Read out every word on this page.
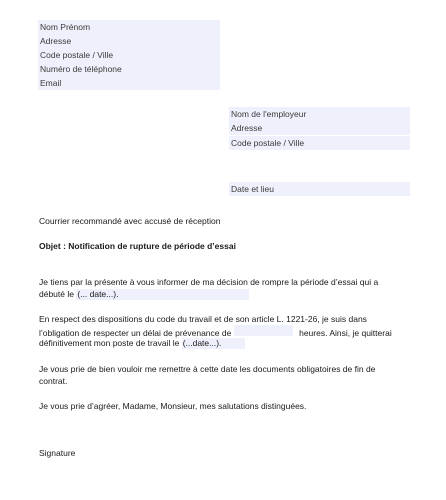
Nom Prénom
Adresse
Code postale / Ville
Numéro de téléphone
Email
Nom de l'employeur
Adresse
Code postale / Ville
Date et lieu
Courrier recommandé avec accusé de réception
Objet : Notification de rupture de période d’essai
Je tiens par la présente à vous informer de ma décision de rompre la période d’essai qui a
débuté le (... date...).
En respect des dispositions du code du travail et de son article L. 1221-26, je suis dans
l’obligation de respecter un délai de prévenance de	heures. Ainsi, je quitterai
définitivement mon poste de travail le (...date...).
Je vous prie de bien vouloir me remettre à cette date les documents obligatoires de fin de
contrat.
Je vous prie d’agréer, Madame, Monsieur, mes salutations distinguées.
Signature
